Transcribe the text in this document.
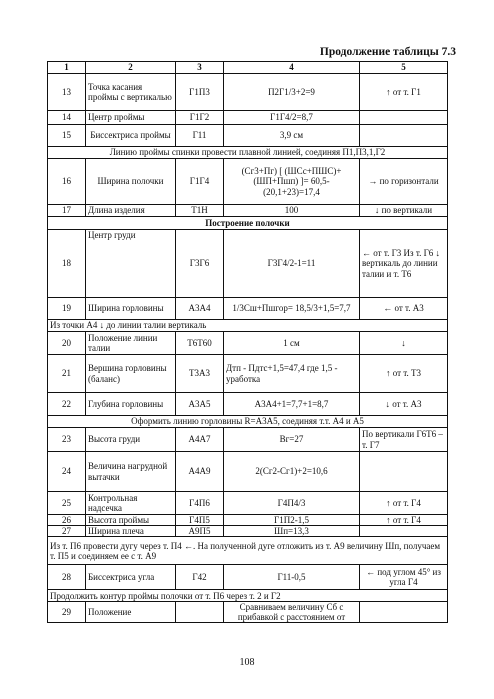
Продолжение таблицы 7.3
1	2	3	4	5
13	Точка касания проймы с вертикалью	Г1П3	П2Г1/3+2=9	↑ от т. Г1
14	Центр проймы	Г1Г2	Г1Г4/2=8,7	
15	Биссектриса проймы	Г11	3,9 см	
Линию проймы спинки провести плавной линией, соединяя П1,П3,1,Г2				
16	Ширина полочки	Г1Г4	(Сг3+Пг) [ (ШСс+ПШС)+(ШП+Пшп) ]= 60,5-(20,1+23)=17,4	→ по горизонтали
17	Длина изделия	Т1Н	100	↓ по вертикали
Построение полочки				
18	Центр груди	Г3Г6	Г3Г4/2-1=11	← от т. Г3 Из т. Г6 ↓ вертикаль до линии талии и т. Т6
19	Ширина горловины	А3А4	1/3Сш+Пшгор= 18,5/3+1,5=7,7	← от т. А3
Из точки А4 ↓ до линии талии вертикаль				
20	Положение линии талии	Т6Т60	1 см	↓
21	Вершина горловины (баланс)	Т3А3	Дтп - Пдтс+1,5=47,4 где 1,5 - уработка	↑ от т. Т3
22	Глубина горловины	А3А5	А3А4+1=7,7+1=8,7	↓ от т. А3
Оформить линию горловины R=А3А5, соединяя т.т. А4 и А5				
23	Высота груди	А4А7	Вг=27	По вертикали Г6Т6 – т. Г7
24	Величина нагрудной вытачки	А4А9	2(Сг2-Сг1)+2=10,6	
25	Контрольная надсечка	Г4П6	Г4П4/3	↑ от т. Г4
26	Высота проймы	Г4П5	Г1П2-1,5	↑ от т. Г4
27	Ширина плеча	А9П5	Шп=13,3	
Из т. П6 провести дугу через т. П4 ←. На полученной дуге отложить из т. А9 величину Шп, получаем т. П5 и соединяем ее с т. А9				
28	Биссектриса угла	Г42	Г11-0,5	← под углом 45° из угла Г4
Продолжить контур проймы полочки от т. П6 через т. 2 и Г2				
29	Положение		Сравниваем величину Сб с прибавкой с расстоянием от	
108
